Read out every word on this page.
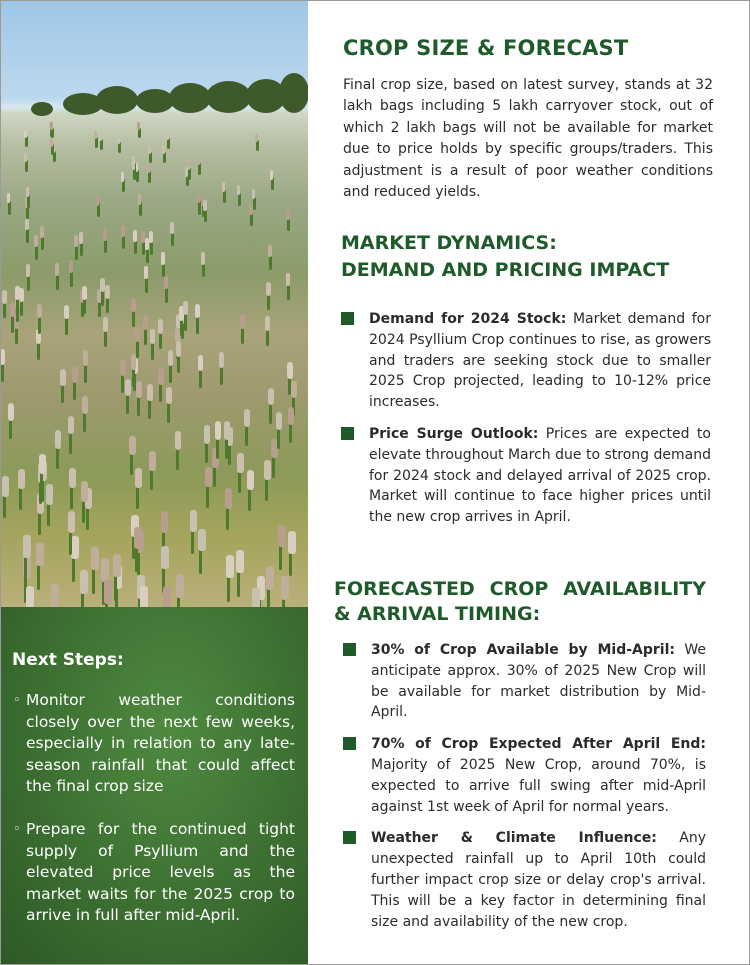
Next Steps:
◦ Monitor weather conditions closely over the next few weeks, especially in relation to any late-season rainfall that could affect the final crop size
◦ Prepare for the continued tight supply of Psyllium and the elevated price levels as the market waits for the 2025 crop to arrive in full after mid-April.
CROP SIZE & FORECAST

Final crop size, based on latest survey, stands at 32 lakh bags including 5 lakh carryover stock, out of which 2 lakh bags will not be available for market due to price holds by specific groups/traders. This adjustment is a result of poor weather conditions and reduced yields.

MARKET DYNAMICS:
DEMAND AND PRICING IMPACT
Demand for 2024 Stock: Market demand for 2024 Psyllium Crop continues to rise, as growers and traders are seeking stock due to smaller 2025 Crop projected, leading to 10-12% price increases.
Price Surge Outlook: Prices are expected to elevate throughout March due to strong demand for 2024 stock and delayed arrival of 2025 crop. Market will continue to face higher prices until the new crop arrives in April.
FORECASTED CROP AVAILABILITY
& ARRIVAL TIMING:
30% of Crop Available by Mid-April: We anticipate approx. 30% of 2025 New Crop will be available for market distribution by Mid-April.
70% of Crop Expected After April End: Majority of 2025 New Crop, around 70%, is expected to arrive full swing after mid-April against 1st week of April for normal years.
Weather & Climate Influence: Any unexpected rainfall up to April 10th could further impact crop size or delay crop's arrival. This will be a key factor in determining final size and availability of the new crop.
